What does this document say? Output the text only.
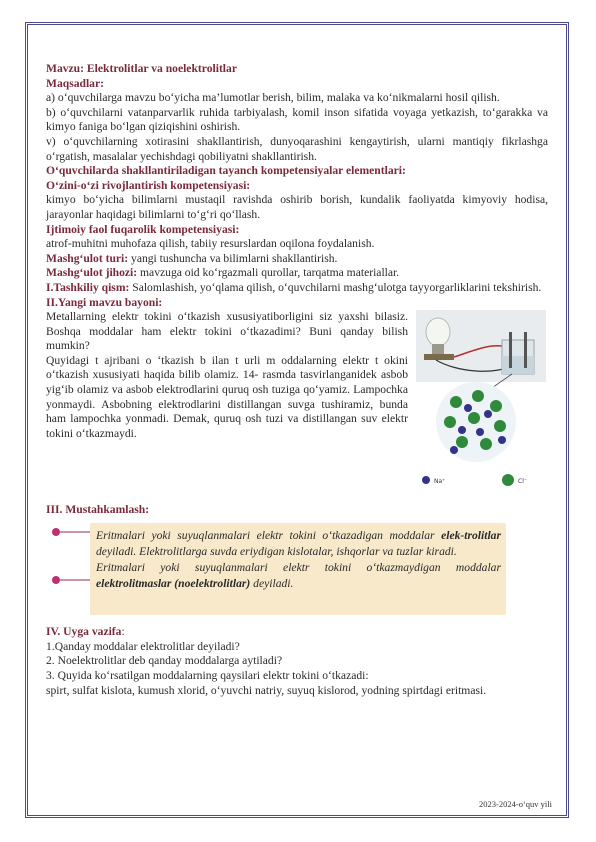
Mavzu: Elektrolitlar va noelektrolitlar

Maqsadlar:

a) o‘quvchilarga mavzu bo‘yicha ma’lumotlar berish, bilim, malaka va ko‘nikmalarni hosil qilish.

b) o‘quvchilarni vatanparvarlik ruhida tarbiyalash, komil inson sifatida voyaga yetkazish, to‘garakka va kimyo faniga bo‘lgan qiziqishini oshirish.

v) o‘quvchilarning xotirasini shakllantirish, dunyoqarashini kengaytirish, ularni mantiqiy fikrlashga o‘rgatish, masalalar yechishdagi qobiliyatni shakllantirish.

O‘quvchilarda shakllantiriladigan tayanch kompetensiyalar elementlari:

O‘zini-o‘zi rivojlantirish kompetensiyasi:

kimyo bo‘yicha bilimlarni mustaqil ravishda oshirib borish, kundalik faoliyatda kimyoviy hodisa, jarayonlar haqidagi bilimlarni to‘g‘ri qo‘llash.

Ijtimoiy faol fuqarolik kompetensiyasi:

atrof-muhitni muhofaza qilish, tabiiy resurslardan oqilona foydalanish.

Mashg‘ulot turi: yangi tushuncha va bilimlarni shakllantirish.

Mashg‘ulot jihozi: mavzuga oid ko‘rgazmali qurollar, tarqatma materiallar.

I.Tashkiliy qism: Salomlashish, yo‘qlama qilish, o‘quvchilarni mashg‘ulotga tayyorgarliklarini tekshirish.

II.Yangi mavzu bayoni:

Metallarning elektr tokini o‘tkazish xususiyatiborligini siz yaxshi bilasiz. Boshqa moddalar ham elektr tokini o‘tkazadimi? Buni qanday bilish mumkin?

Quyidagi t ajribani o ‘tkazish b ilan t urli m oddalarning elektr t okini o‘tkazish xususiyati haqida bilib olamiz. 14- rasmda tasvirlanganidek asbob yig‘ib olamiz va asbob elektrodlarini quruq osh tuziga qo‘yamiz. Lampochka yonmaydi. Asbobning elektrodlarini distillangan suvga tushiramiz, bunda ham lampochka yonmadi. Demak, quruq osh tuzi va distillangan suv elektr tokini o‘tkazmaydi.

Na⁺	Cl⁻

III. Mustahkamlash:

Eritmalari yoki suyuqlanmalari elektr tokini o‘tkazadigan moddalar elek-trolitlar deyiladi. Elektrolitlarga suvda eriydigan kislotalar, ishqorlar va tuzlar kiradi.

Eritmalari yoki suyuqlanmalari elektr tokini o‘tkazmaydigan moddalar elektrolitmaslar (noelektrolitlar) deyiladi.

IV. Uyga vazifa:

1.Qanday moddalar elektrolitlar deyiladi?

2. Noelektrolitlar deb qanday moddalarga aytiladi?

3. Quyida ko‘rsatilgan moddalarning qaysilari elektr tokini o‘tkazadi:

spirt, sulfat kislota, kumush xlorid, o‘yuvchi natriy, suyuq kislorod, yodning spirtdagi eritmasi.

2023-2024-o‘quv yili
